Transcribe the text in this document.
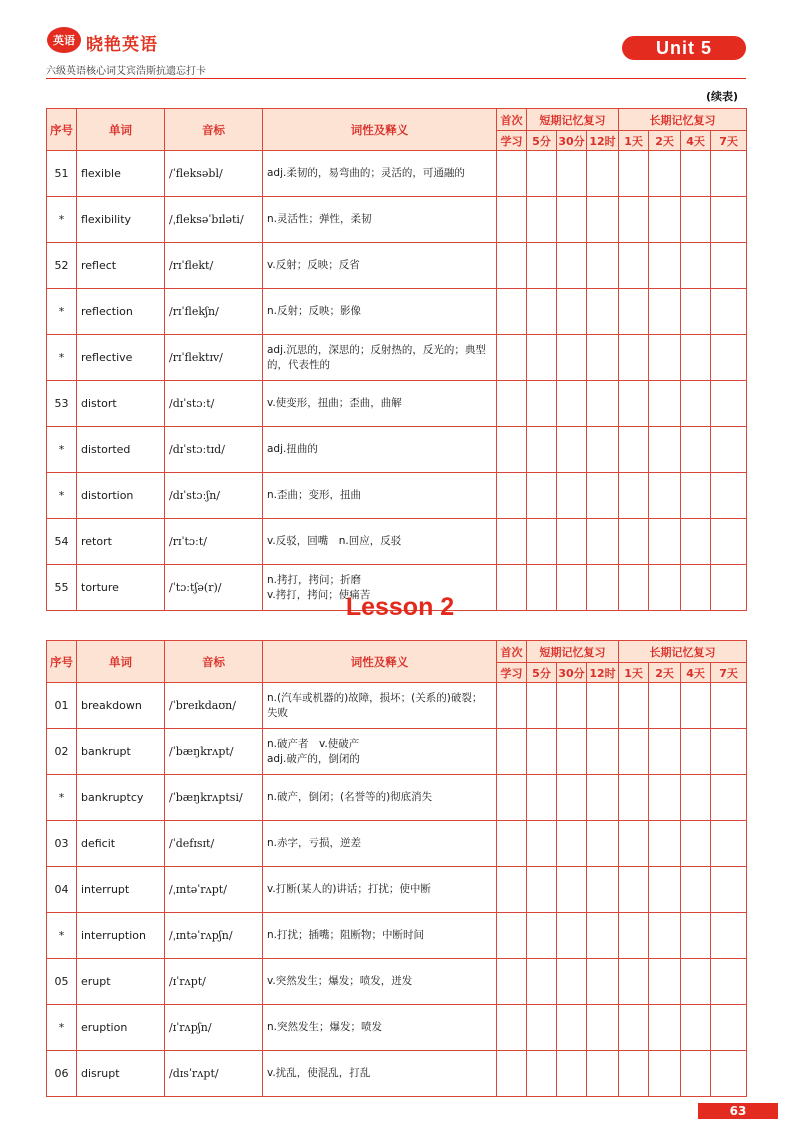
英语 晓艳英语
六级英语核心词艾宾浩斯抗遗忘打卡
Unit 5
(续表)
序号	单词	音标	词性及释义	首次	短期记忆复习			长期记忆复习			
				学习	5分	30分	12时	1天	2天	4天	7天
51	flexible	/ˈfleksəbl/	adj.柔韧的，易弯曲的；灵活的，可通融的								

*	flexibility	/ˌfleksəˈbɪləti/	n.灵活性；弹性，柔韧								

52	reflect	/rɪˈflekt/	v.反射；反映；反省								

*	reflection	/rɪˈflekʃn/	n.反射；反映；影像								

*	reflective	/rɪˈflektɪv/	adj.沉思的，深思的；反射热的，反光的；典型的，代表性的								

53	distort	/dɪˈstɔːt/	v.使变形，扭曲；歪曲，曲解								

*	distorted	/dɪˈstɔːtɪd/	adj.扭曲的								

*	distortion	/dɪˈstɔːʃn/	n.歪曲；变形，扭曲								

54	retort	/rɪˈtɔːt/	v.反驳，回嘴　n.回应，反驳								

55	torture	/ˈtɔːtʃə(r)/	n.拷打，拷问；折磨
v.拷打，拷问；使痛苦								

Lesson 2
序号	单词	音标	词性及释义	首次	短期记忆复习			长期记忆复习			
				学习	5分	30分	12时	1天	2天	4天	7天
01	breakdown	/ˈbreɪkdaʊn/	n.(汽车或机器的)故障，损坏；(关系的)破裂；失败								

02	bankrupt	/ˈbæŋkrʌpt/	n.破产者　v.使破产
adj.破产的，倒闭的								

*	bankruptcy	/ˈbæŋkrʌptsi/	n.破产，倒闭；(名誉等的)彻底消失								

03	deficit	/ˈdefɪsɪt/	n.赤字，亏损，逆差								

04	interrupt	/ˌɪntəˈrʌpt/	v.打断(某人的)讲话；打扰；使中断								

*	interruption	/ˌɪntəˈrʌpʃn/	n.打扰；插嘴；阻断物；中断时间								

05	erupt	/ɪˈrʌpt/	v.突然发生；爆发；喷发，迸发								

*	eruption	/ɪˈrʌpʃn/	n.突然发生；爆发；喷发								

06	disrupt	/dɪsˈrʌpt/	v.扰乱，使混乱，打乱								

63
